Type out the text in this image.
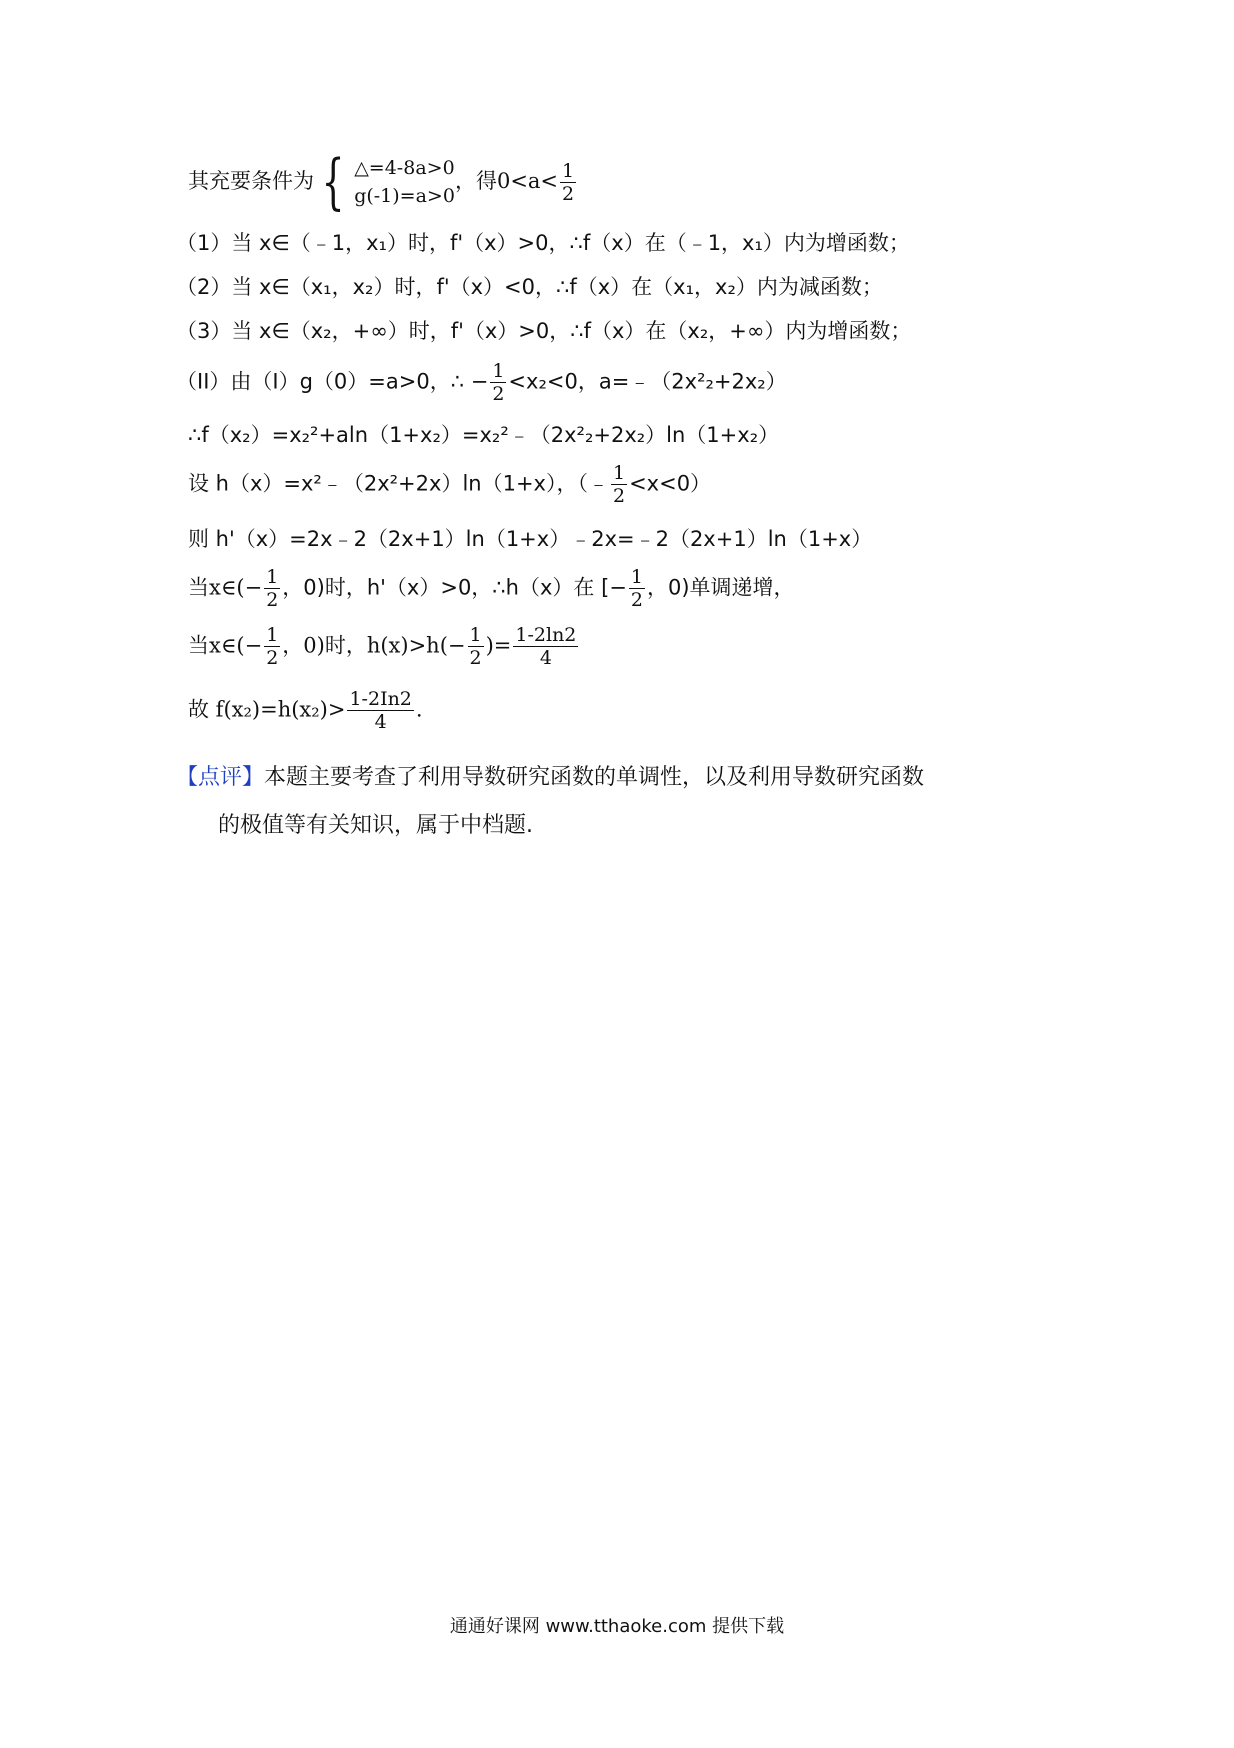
其充要条件为 { △=4-8a>0
g(-1)=a>0
，得$0<a< \frac{1}{2}$
（1）当 x∈（﹣1，x₁）时，f'（x）>0，∴f（x）在（﹣1，x₁）内为增函数；
（2）当 x∈（x₁，x₂）时，f'（x）<0，∴f（x）在（x₁，x₂）内为减函数；
（3）当 x∈（x₂，+∞）时，f'（x）>0，∴f（x）在（x₂，+∞）内为增函数；
（II）由（I）g（0）=a>0，∴ − $\frac{1}{2} <x_2<0$，a=﹣（2x²₂+2x₂）
∴f（x₂）=x₂²+aln（1+x₂）=x₂²﹣（2x²₂+2x₂）ln（1+x₂）
设 h（x）=x²﹣（2x²+2x）ln（1+x），（﹣ $\frac{1}{2} <x<0$）
则 h'（x）=2x﹣2（2x+1）ln（1+x）﹣2x=﹣2（2x+1）ln（1+x）
当x∈(− $\frac{1}{2}$ ，0)时，h'（x）>0，∴h（x）在 [− $\frac{1}{2}$ ，0)单调递增，
当x∈(− $\frac{1}{2}$ ，0)时，$h(x)>h(- \frac{1}{2}$ )= $\frac{1-2\ln 2}{4}$
故 $f(x_2)=h(x_2)> \frac{1-2In2}{4}$ .
【点评】本题主要考查了利用导数研究函数的单调性，以及利用导数研究函数
的极值等有关知识，属于中档题.
通通好课网 www.tthaoke.com 提供下载
